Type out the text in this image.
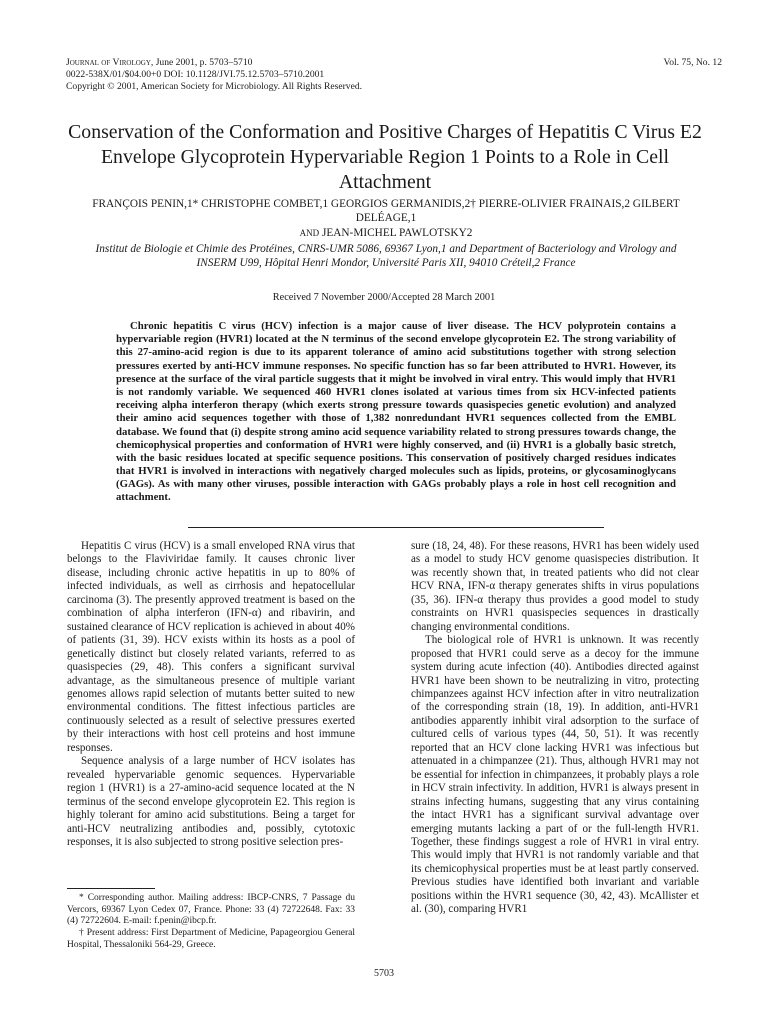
Journal of Virology, June 2001, p. 5703–5710
0022-538X/01/$04.00+0 DOI: 10.1128/JVI.75.12.5703–5710.2001
Copyright © 2001, American Society for Microbiology. All Rights Reserved.
Vol. 75, No. 12
Conservation of the Conformation and Positive Charges of Hepatitis C Virus E2 Envelope Glycoprotein Hypervariable Region 1 Points to a Role in Cell Attachment
FRANÇOIS PENIN,1* CHRISTOPHE COMBET,1 GEORGIOS GERMANIDIS,2† PIERRE-OLIVIER FRAINAIS,2 GILBERT DELÉAGE,1
AND JEAN-MICHEL PAWLOTSKY2
Institut de Biologie et Chimie des Protéines, CNRS-UMR 5086, 69367 Lyon,1 and Department of Bacteriology and Virology and INSERM U99, Hôpital Henri Mondor, Université Paris XII, 94010 Créteil,2 France
Received 7 November 2000/Accepted 28 March 2001
Chronic hepatitis C virus (HCV) infection is a major cause of liver disease. The HCV polyprotein contains a hypervariable region (HVR1) located at the N terminus of the second envelope glycoprotein E2. The strong variability of this 27-amino-acid region is due to its apparent tolerance of amino acid substitutions together with strong selection pressures exerted by anti-HCV immune responses. No specific function has so far been attributed to HVR1. However, its presence at the surface of the viral particle suggests that it might be involved in viral entry. This would imply that HVR1 is not randomly variable. We sequenced 460 HVR1 clones isolated at various times from six HCV-infected patients receiving alpha interferon therapy (which exerts strong pressure towards quasispecies genetic evolution) and analyzed their amino acid sequences together with those of 1,382 nonredundant HVR1 sequences collected from the EMBL database. We found that (i) despite strong amino acid sequence variability related to strong pressures towards change, the chemicophysical properties and conformation of HVR1 were highly conserved, and (ii) HVR1 is a globally basic stretch, with the basic residues located at specific sequence positions. This conservation of positively charged residues indicates that HVR1 is involved in interactions with negatively charged molecules such as lipids, proteins, or glycosaminoglycans (GAGs). As with many other viruses, possible interaction with GAGs probably plays a role in host cell recognition and attachment.

Hepatitis C virus (HCV) is a small enveloped RNA virus that belongs to the Flaviviridae family. It causes chronic liver disease, including chronic active hepatitis in up to 80% of infected individuals, as well as cirrhosis and hepatocellular carcinoma (3). The presently approved treatment is based on the combination of alpha interferon (IFN-α) and ribavirin, and sustained clearance of HCV replication is achieved in about 40% of patients (31, 39). HCV exists within its hosts as a pool of genetically distinct but closely related variants, referred to as quasispecies (29, 48). This confers a significant survival advantage, as the simultaneous presence of multiple variant genomes allows rapid selection of mutants better suited to new environmental conditions. The fittest infectious particles are continuously selected as a result of selective pressures exerted by their interactions with host cell proteins and host immune responses.

Sequence analysis of a large number of HCV isolates has revealed hypervariable genomic sequences. Hypervariable region 1 (HVR1) is a 27-amino-acid sequence located at the N terminus of the second envelope glycoprotein E2. This region is highly tolerant for amino acid substitutions. Being a target for anti-HCV neutralizing antibodies and, possibly, cytotoxic responses, it is also subjected to strong positive selection pres-

sure (18, 24, 48). For these reasons, HVR1 has been widely used as a model to study HCV genome quasispecies distribution. It was recently shown that, in treated patients who did not clear HCV RNA, IFN-α therapy generates shifts in virus populations (35, 36). IFN-α therapy thus provides a good model to study constraints on HVR1 quasispecies sequences in drastically changing environmental conditions.

The biological role of HVR1 is unknown. It was recently proposed that HVR1 could serve as a decoy for the immune system during acute infection (40). Antibodies directed against HVR1 have been shown to be neutralizing in vitro, protecting chimpanzees against HCV infection after in vitro neutralization of the corresponding strain (18, 19). In addition, anti-HVR1 antibodies apparently inhibit viral adsorption to the surface of cultured cells of various types (44, 50, 51). It was recently reported that an HCV clone lacking HVR1 was infectious but attenuated in a chimpanzee (21). Thus, although HVR1 may not be essential for infection in chimpanzees, it probably plays a role in HCV strain infectivity. In addition, HVR1 is always present in strains infecting humans, suggesting that any virus containing the intact HVR1 has a significant survival advantage over emerging mutants lacking a part of or the full-length HVR1. Together, these findings suggest a role of HVR1 in viral entry. This would imply that HVR1 is not randomly variable and that its chemicophysical properties must be at least partly conserved. Previous studies have identified both invariant and variable positions within the HVR1 sequence (30, 42, 43). McAllister et al. (30), comparing HVR1

* Corresponding author. Mailing address: IBCP-CNRS, 7 Passage du Vercors, 69367 Lyon Cedex 07, France. Phone: 33 (4) 72722648. Fax: 33 (4) 72722604. E-mail: f.penin@ibcp.fr.

† Present address: First Department of Medicine, Papageorgiou General Hospital, Thessaloniki 564-29, Greece.

5703
